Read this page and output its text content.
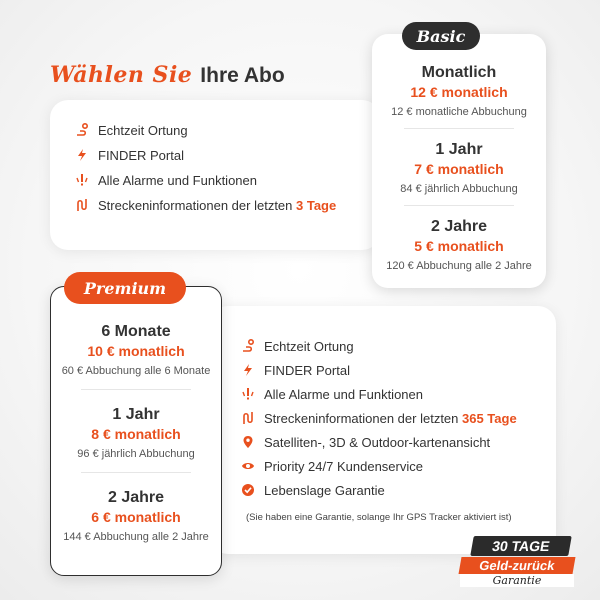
Wählen Sie Ihre Abo
Echtzeit Ortung
FINDER Portal
Alle Alarme und Funktionen
Streckeninformationen der letzten 3 Tage
Monatlich
12 € monatlich
12 € monatliche Abbuchung
1 Jahr
7 € monatlich
84 € jährlich Abbuchung
2 Jahre
5 € monatlich
120 € Abbuchung alle 2 Jahre
Basic
Echtzeit Ortung
FINDER Portal
Alle Alarme und Funktionen
Streckeninformationen der letzten 365 Tage
Satelliten-, 3D & Outdoor-kartenansicht
Priority 24/7 Kundenservice
Lebenslage Garantie
(Sie haben eine Garantie, solange Ihr GPS Tracker aktiviert ist)
6 Monate
10 € monatlich
60 € Abbuchung alle 6 Monate
1 Jahr
8 € monatlich
96 € jährlich Abbuchung
2 Jahre
6 € monatlich
144 € Abbuchung alle 2 Jahre
Premium
30 TAGE
Geld-zurück
Garantie
